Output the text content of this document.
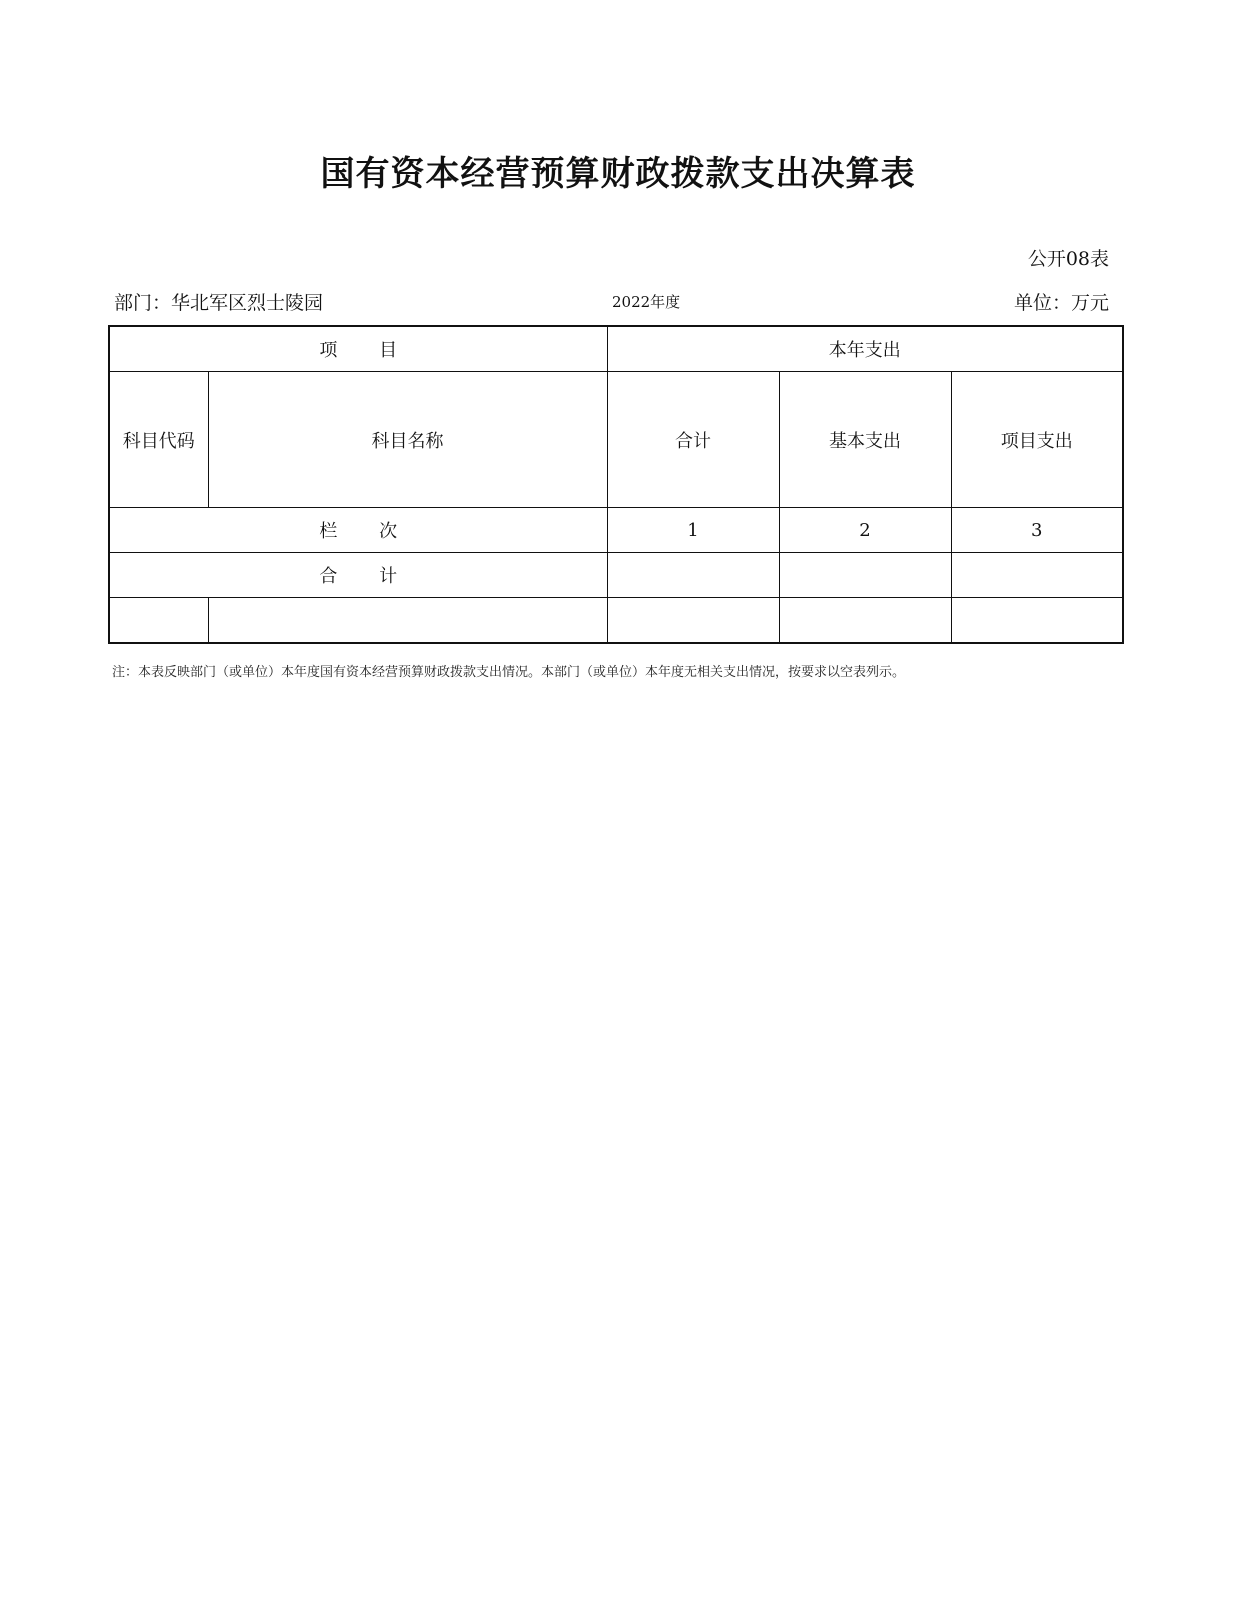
国有资本经营预算财政拨款支出决算表
公开08表
部门：华北军区烈士陵园	2022年度	单位：万元
项 目		本年支出		
科目代码	科目名称	合计	基本支出	项目支出
栏 次		1	2	3
合 计				

注：本表反映部门（或单位）本年度国有资本经营预算财政拨款支出情况。本部门（或单位）本年度无相关支出情况，按要求以空表列示。
